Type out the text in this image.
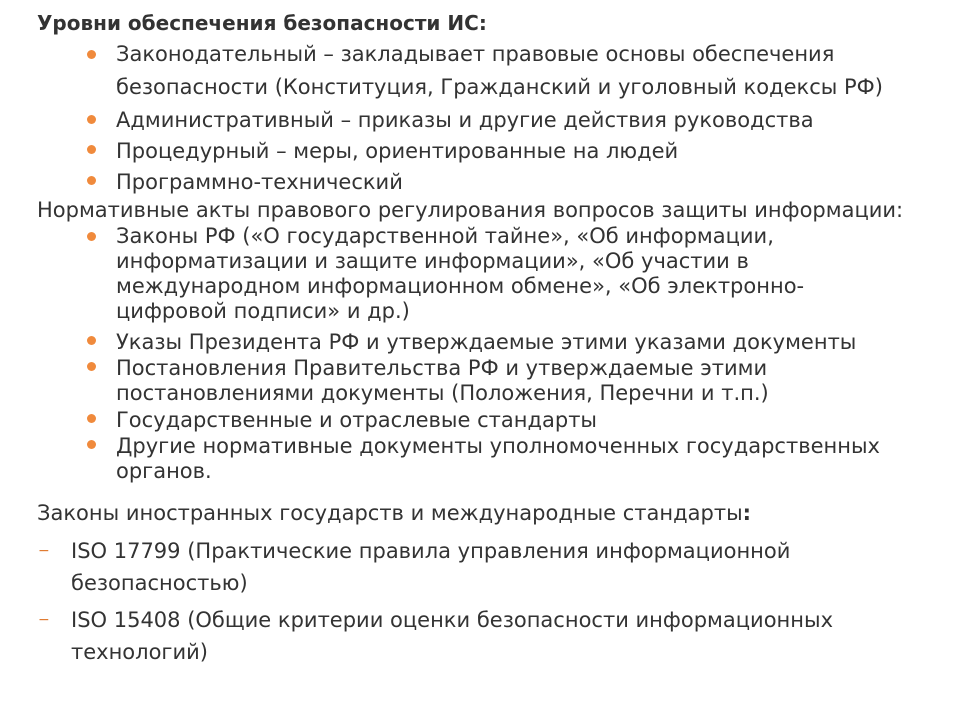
Уровни обеспечения безопасности ИС:
Законодательный – закладывает правовые основы обеспечения
безопасности (Конституция, Гражданский и уголовный кодексы РФ)
Административный – приказы и другие действия руководства
Процедурный – меры, ориентированные на людей
Программно-технический
Нормативные акты правового регулирования вопросов защиты информации:
Законы РФ («О государственной тайне», «Об информации,
информатизации и защите информации», «Об участии в
международном информационном обмене», «Об электронно-
цифровой подписи» и др.)
Указы Президента РФ и утверждаемые этими указами документы
Постановления Правительства РФ и утверждаемые этими
постановлениями документы (Положения, Перечни и т.п.)
Государственные и отраслевые стандарты
Другие нормативные документы уполномоченных государственных
органов.
Законы иностранных государств и международные стандарты:
− ISO 17799 (Практические правила управления информационной
безопасностью)
− ISO 15408 (Общие критерии оценки безопасности информационных
технологий)
